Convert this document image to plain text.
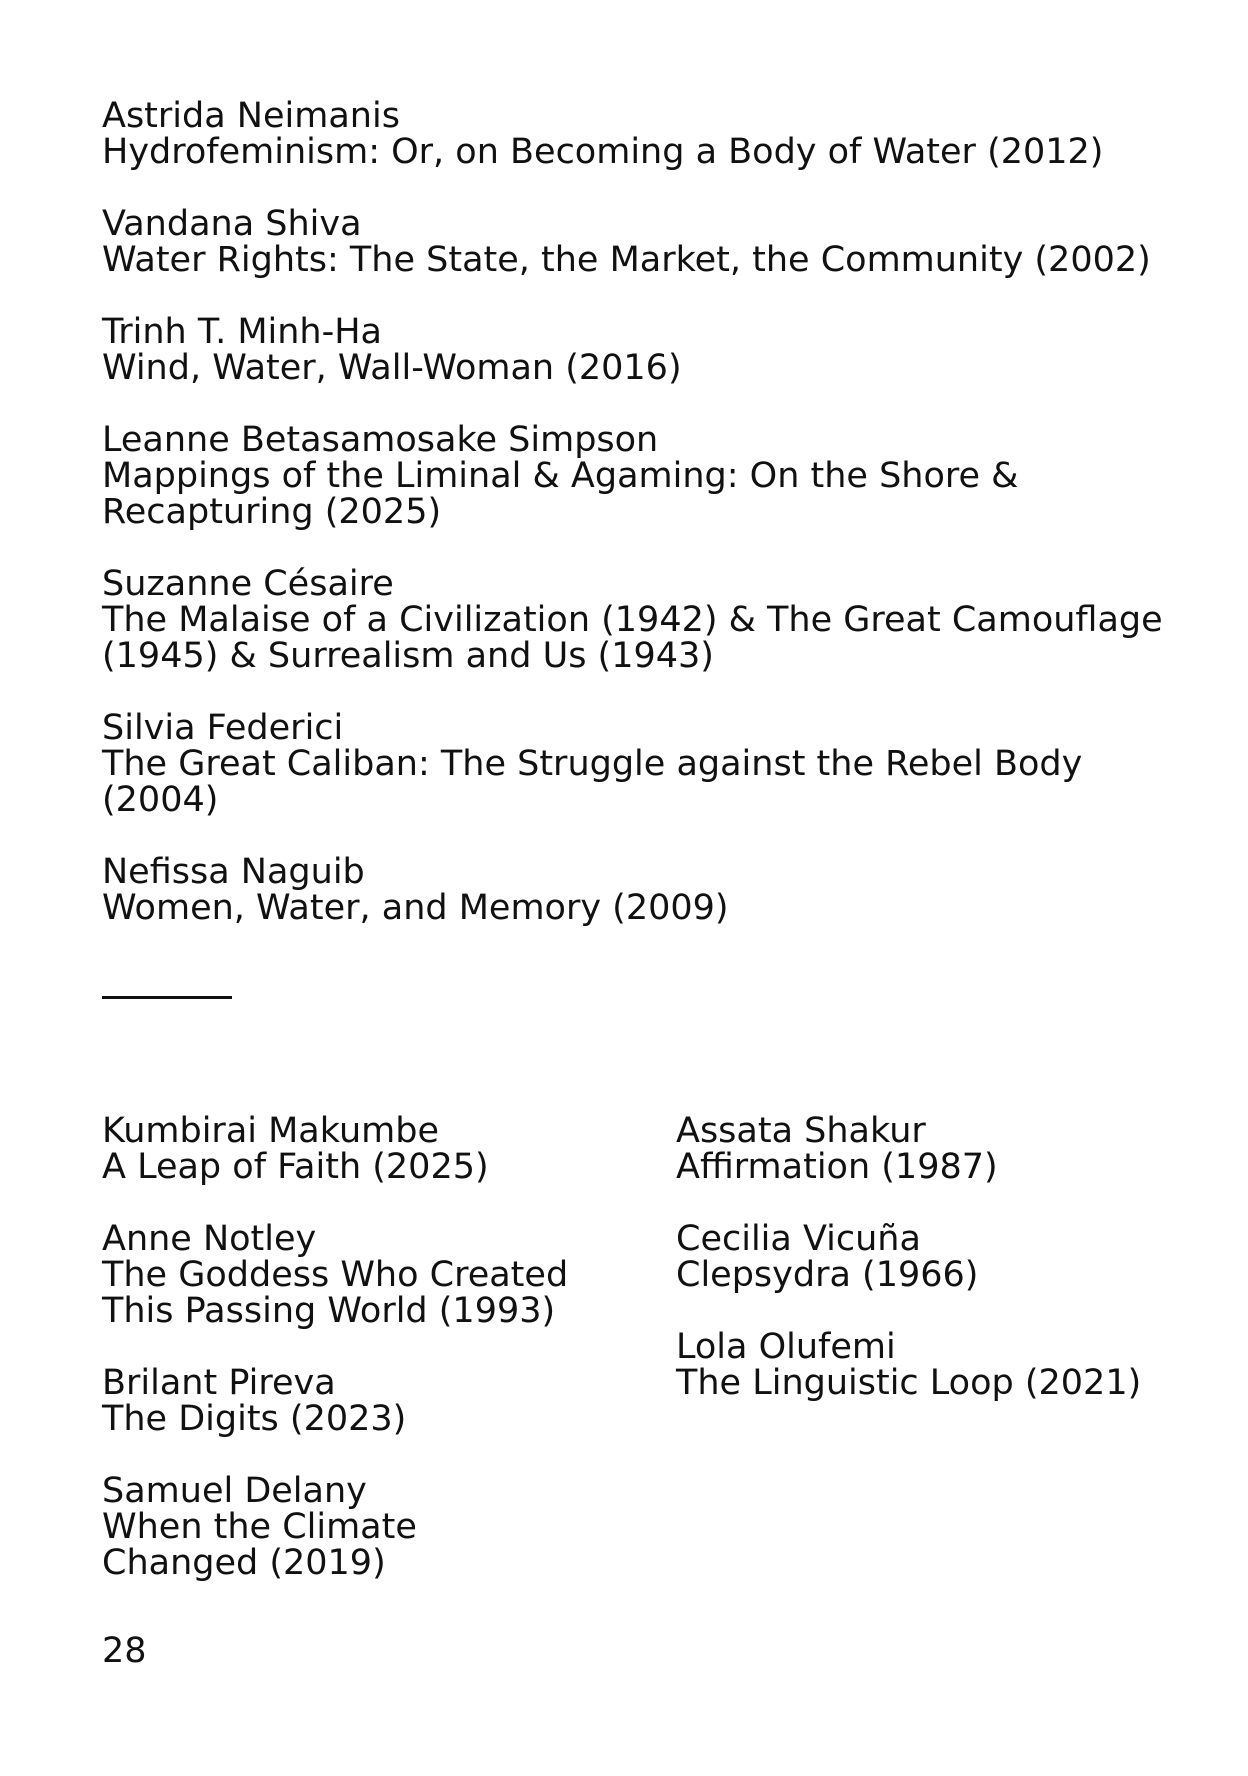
Astrida Neimanis
Hydrofeminism: Or, on Becoming a Body of Water (2012)
Vandana Shiva
Water Rights: The State, the Market, the Community (2002)
Trinh T. Minh-Ha
Wind, Water, Wall-Woman (2016)
Leanne Betasamosake Simpson
Mappings of the Liminal & Agaming: On the Shore & Recapturing (2025)
Suzanne Césaire
The Malaise of a Civilization (1942) & The Great Camouflage (1945) & Surrealism and Us (1943)
Silvia Federici
The Great Caliban: The Struggle against the Rebel Body (2004)
Nefissa Naguib
Women, Water, and Memory (2009)
Kumbirai Makumbe
A Leap of Faith (2025)
Anne Notley
The Goddess Who Created This Passing World (1993)
Brilant Pireva
The Digits (2023)
Samuel Delany
When the Climate Changed (2019)
Assata Shakur
Affirmation (1987)
Cecilia Vicuña
Clepsydra (1966)
Lola Olufemi
The Linguistic Loop (2021)
28
